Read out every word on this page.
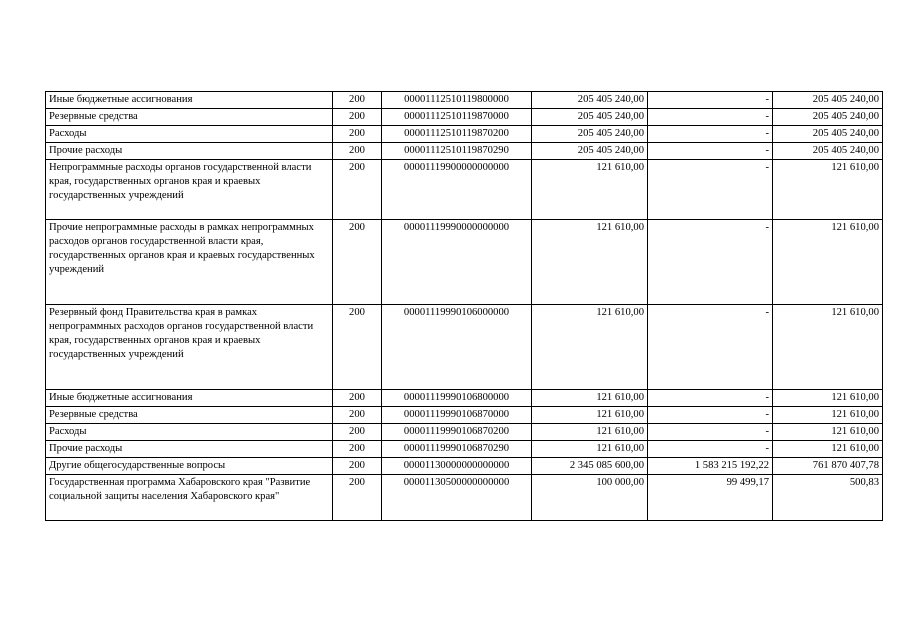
Иные бюджетные ассигнования	200	00001112510119800000	205 405 240,00	-	205 405 240,00
Резервные средства	200	00001112510119870000	205 405 240,00	-	205 405 240,00
Расходы	200	00001112510119870200	205 405 240,00	-	205 405 240,00
Прочие расходы	200	00001112510119870290	205 405 240,00	-	205 405 240,00
Непрограммные расходы органов государственной власти края, государственных органов края и краевых государственных учреждений	200	00001119900000000000	121 610,00	-	121 610,00
Прочие непрограммные расходы в рамках непрограммных расходов органов государственной власти края, государственных органов края и краевых государственных учреждений	200	00001119990000000000	121 610,00	-	121 610,00
Резервный фонд Правительства края в рамках непрограммных расходов органов государственной власти края, государственных органов края и краевых государственных учреждений	200	00001119990106000000	121 610,00	-	121 610,00
Иные бюджетные ассигнования	200	00001119990106800000	121 610,00	-	121 610,00
Резервные средства	200	00001119990106870000	121 610,00	-	121 610,00
Расходы	200	00001119990106870200	121 610,00	-	121 610,00
Прочие расходы	200	00001119990106870290	121 610,00	-	121 610,00
Другие общегосударственные вопросы	200	00001130000000000000	2 345 085 600,00	1 583 215 192,22	761 870 407,78
Государственная программа Хабаровского края "Развитие социальной защиты населения Хабаровского края"	200	00001130500000000000	100 000,00	99 499,17	500,83
